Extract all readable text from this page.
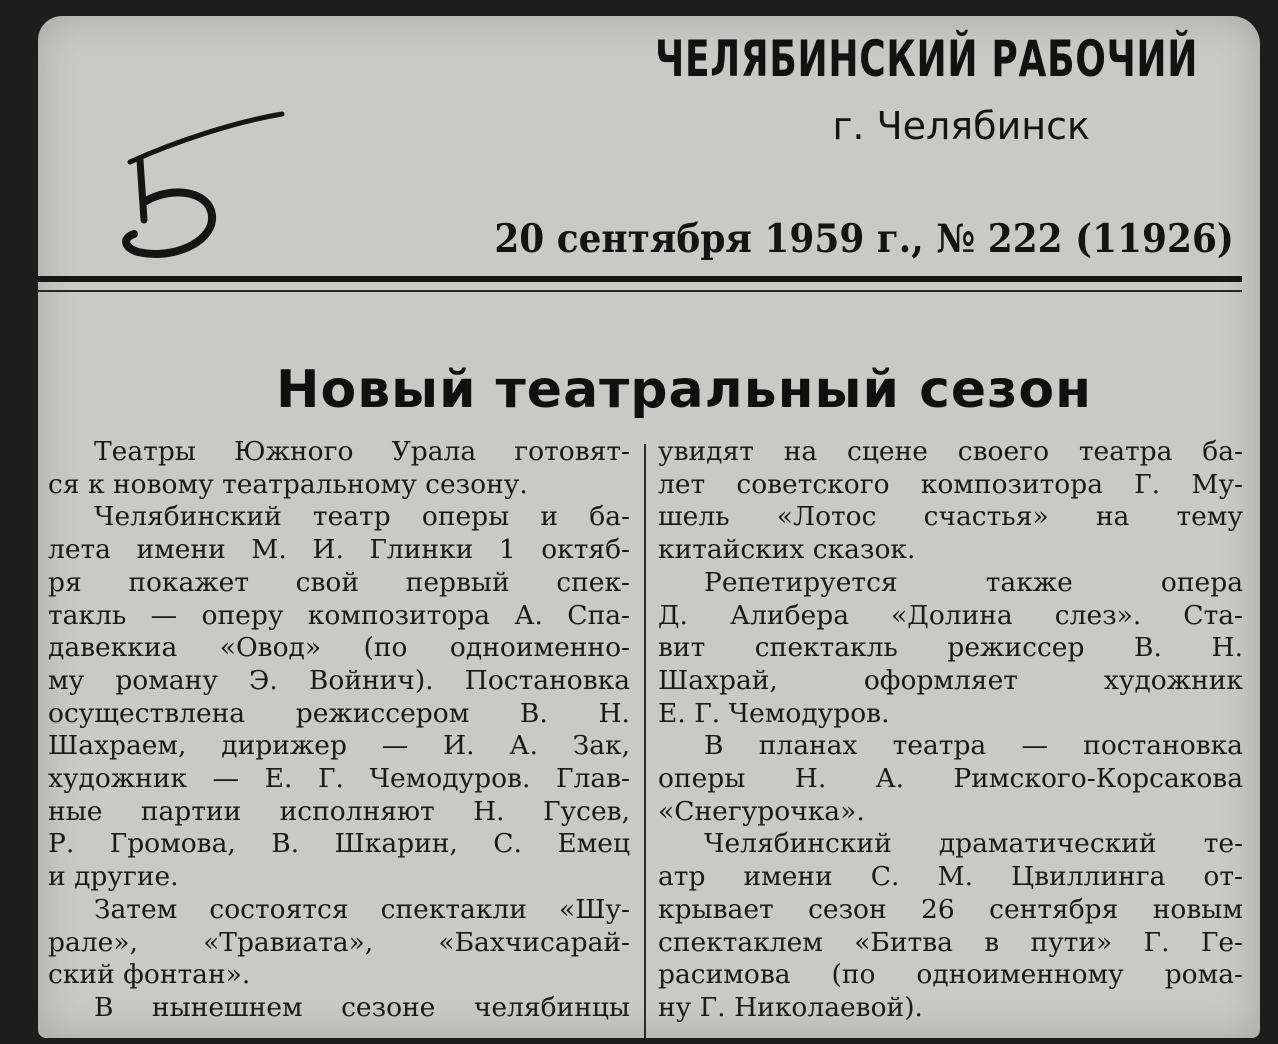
ЧЕЛЯБИНСКИЙ РАБОЧИЙ
г. Челябинск
20 сентября 1959 г., № 222 (11926)
Новый театральный сезон
Театры Южного Урала готовят-
ся к новому театральному сезону.
Челябинский театр оперы и ба-
лета имени М. И. Глинки 1 октяб-
ря покажет свой первый спек-
такль — оперу композитора А. Спа-
давеккиа «Овод» (по одноименно-
му роману Э. Войнич). Постановка
осуществлена режиссером В. Н.
Шахраем, дирижер — И. А. Зак,
художник — Е. Г. Чемодуров. Глав-
ные партии исполняют Н. Гусев,
Р. Громова, В. Шкарин, С. Емец
и другие.
Затем состоятся спектакли «Шу-
рале», «Травиата», «Бахчисарай-
ский фонтан».
В нынешнем сезоне челябинцы
увидят на сцене своего театра ба-
лет советского композитора Г. Му-
шель «Лотос счастья» на тему
китайских сказок.
Репетируется также опера
Д. Алибера «Долина слез». Ста-
вит спектакль режиссер В. Н.
Шахрай, оформляет художник
Е. Г. Чемодуров.
В планах театра — постановка
оперы Н. А. Римского-Корсакова
«Снегурочка».
Челябинский драматический те-
атр имени С. М. Цвиллинга от-
крывает сезон 26 сентября новым
спектаклем «Битва в пути» Г. Ге-
расимова (по одноименному рома-
ну Г. Николаевой).
